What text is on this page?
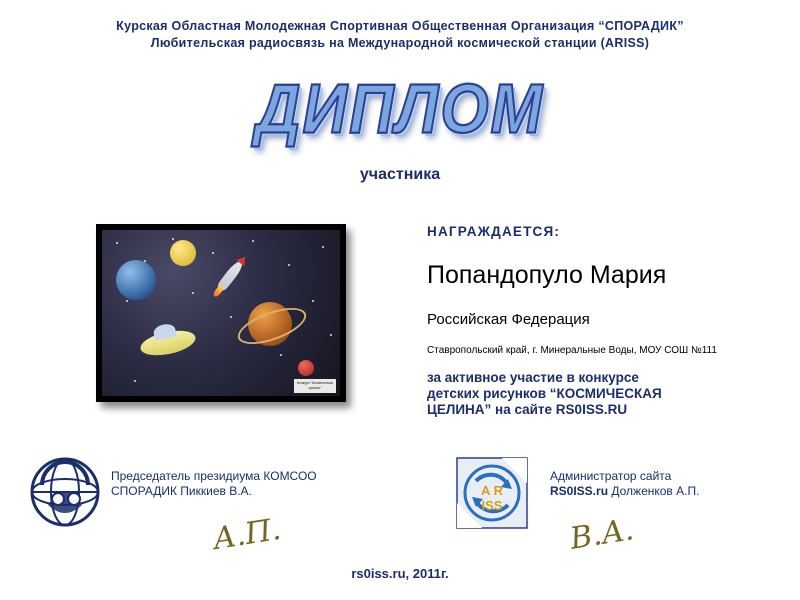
Курская Областная Молодежная Спортивная Общественная Организация “СПОРАДИК”
Любительская радиосвязь на Международной космической станции (ARISS)
ДИПЛОМ
участника
Конкурс “Космическая
целина”
НАГРАЖДАЕТСЯ:
Попандопуло Мария
Российская Федерация
Ставропольский край, г. Минеральные Воды, МОУ СОШ №111
за активное участие в конкурсе
детских рисунков “КОСМИЧЕСКАЯ
ЦЕЛИНА” на сайте RS0ISS.RU
Председатель президиума КОМСОО
СПОРАДИК Пиккиев В.А.
А.П.
A R
ISS
Администратор сайта
RS0ISS.ru Долженков А.П.
В.А.
rs0iss.ru, 2011г.
